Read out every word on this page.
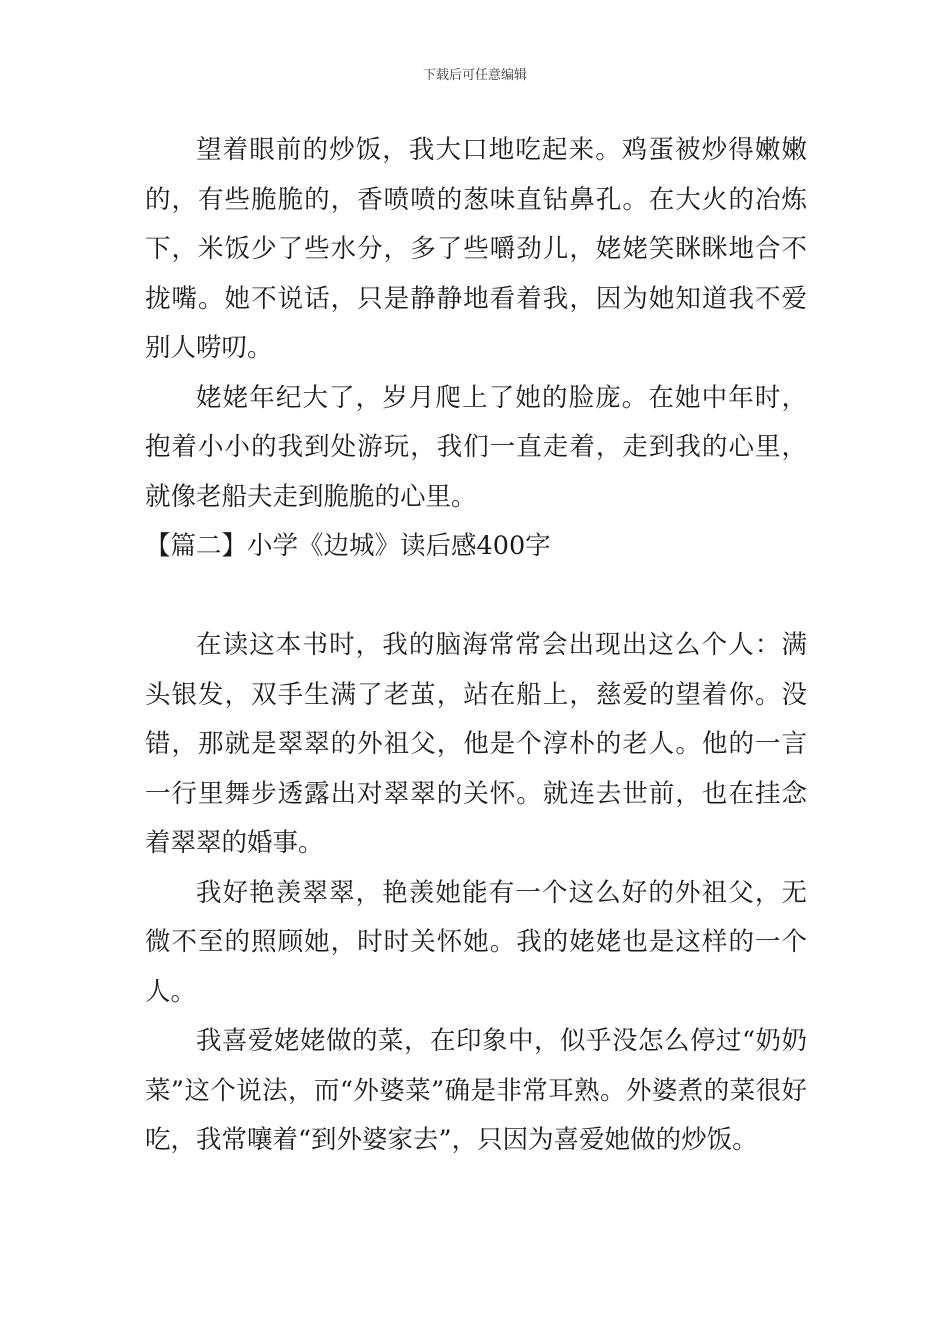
下载后可任意编辑

望着眼前的炒饭，我大口地吃起来。鸡蛋被炒得嫩嫩的，有些脆脆的，香喷喷的葱味直钻鼻孔。在大火的冶炼下，米饭少了些水分，多了些嚼劲儿，姥姥笑眯眯地合不拢嘴。她不说话，只是静静地看着我，因为她知道我不爱别人唠叨。

姥姥年纪大了，岁月爬上了她的脸庞。在她中年时，抱着小小的我到处游玩，我们一直走着，走到我的心里，就像老船夫走到脆脆的心里。

【篇二】小学《边城》读后感400字

在读这本书时，我的脑海常常会出现出这么个人：满头银发，双手生满了老茧，站在船上，慈爱的望着你。没错，那就是翠翠的外祖父，他是个淳朴的老人。他的一言一行里舞步透露出对翠翠的关怀。就连去世前，也在挂念着翠翠的婚事。

我好艳羡翠翠，艳羡她能有一个这么好的外祖父，无微不至的照顾她，时时关怀她。我的姥姥也是这样的一个人。

我喜爱姥姥做的菜，在印象中，似乎没怎么停过“奶奶菜”这个说法，而“外婆菜”确是非常耳熟。外婆煮的菜很好吃，我常嚷着“到外婆家去”，只因为喜爱她做的炒饭。
